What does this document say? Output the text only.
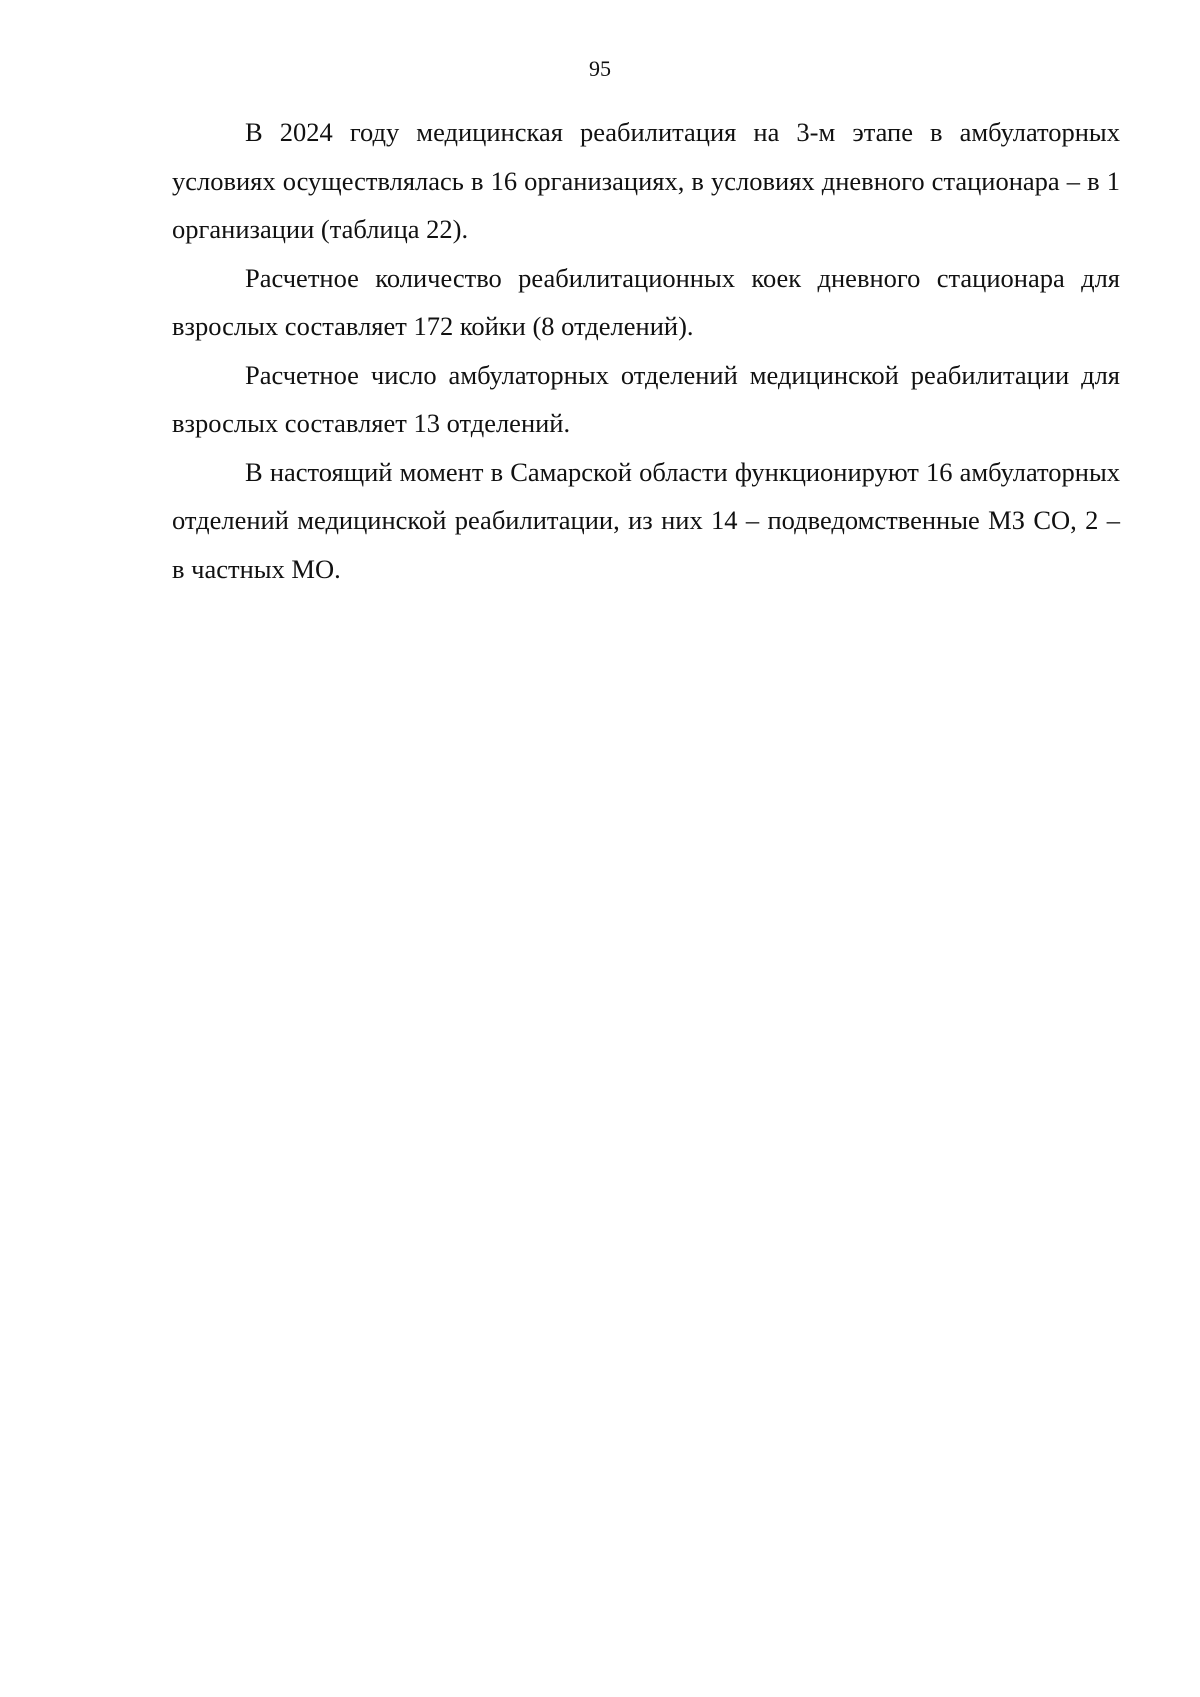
95

В 2024 году медицинская реабилитация на 3-м этапе в амбулаторных условиях осуществлялась в 16 организациях, в условиях дневного стационара – в 1 организации (таблица 22).

Расчетное количество реабилитационных коек дневного стационара для взрослых составляет 172 койки (8 отделений).

Расчетное число амбулаторных отделений медицинской реабилитации для взрослых составляет 13 отделений.

В настоящий момент в Самарской области функционируют 16 амбулаторных отделений медицинской реабилитации, из них 14 – подведомственные МЗ СО, 2 – в частных МО.
